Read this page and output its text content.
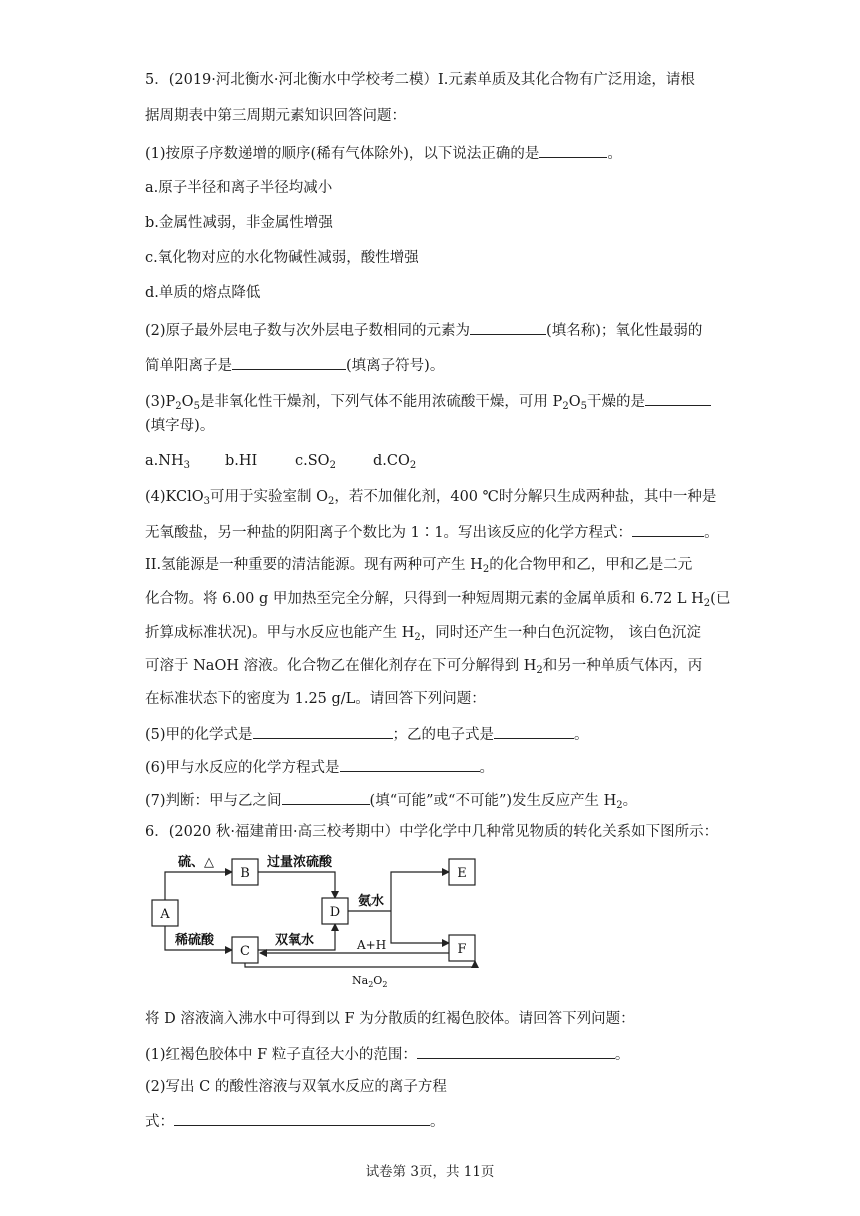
5．(2019·河北衡水·河北衡水中学校考二模）I.元素单质及其化合物有广泛用途，请根
据周期表中第三周期元素知识回答问题：
(1)按原子序数递增的顺序(稀有气体除外)，以下说法正确的是	。
a.原子半径和离子半径均减小
b.金属性减弱，非金属性增强
c.氧化物对应的水化物碱性减弱，酸性增强
d.单质的熔点降低
(2)原子最外层电子数与次外层电子数相同的元素为	(填名称)；氧化性最弱的
简单阳离子是	(填离子符号)。
$(3)P_2O_5$是非氧化性干燥剂，下列气体不能用浓硫酸干燥，可用 $P_2O_5$干燥的是
(填字母)。
$a.NH_3$ b.HI	$c.SO_2$	$d.CO_2$
(4)KClO$_3$可用于实验室制 $O_2$，若不加催化剂，400 ℃时分解只生成两种盐，其中一种是
无氧酸盐，另一种盐的阴阳离子个数比为 1∶1。写出该反应的化学方程式：	。
II.氢能源是一种重要的清洁能源。现有两种可产生 $H_2$的化合物甲和乙，甲和乙是二元
化合物。将 6.00 g 甲加热至完全分解，只得到一种短周期元素的金属单质和 6.72 L $H_2$(已
折算成标准状况)。甲与水反应也能产生 $H_2$，同时还产生一种白色沉淀物， 该白色沉淀
可溶于 NaOH 溶液。化合物乙在催化剂存在下可分解得到 $H_2$和另一种单质气体丙，丙
在标准状态下的密度为 1.25 g/L。请回答下列问题：
(5)甲的化学式是	；乙的电子式是	。
(6)甲与水反应的化学方程式是	。
(7)判断：甲与乙之间	(填“可能”或“不可能”)发生反应产生 $H_2$。
6．(2020 秋·福建莆田·高三校考期中）中学化学中几种常见物质的转化关系如下图所示：
A
B
C
D
E
F
硫、△	过量浓硫酸
稀硫酸	双氧水
氨水
A+H
$Na_2O_2$
将 D 溶液滴入沸水中可得到以 F 为分散质的红褐色胶体。请回答下列问题：
(1)红褐色胶体中 F 粒子直径大小的范围：	。
(2)写出 C 的酸性溶液与双氧水反应的离子方程
式：	。
试卷第 3页，共 11页
